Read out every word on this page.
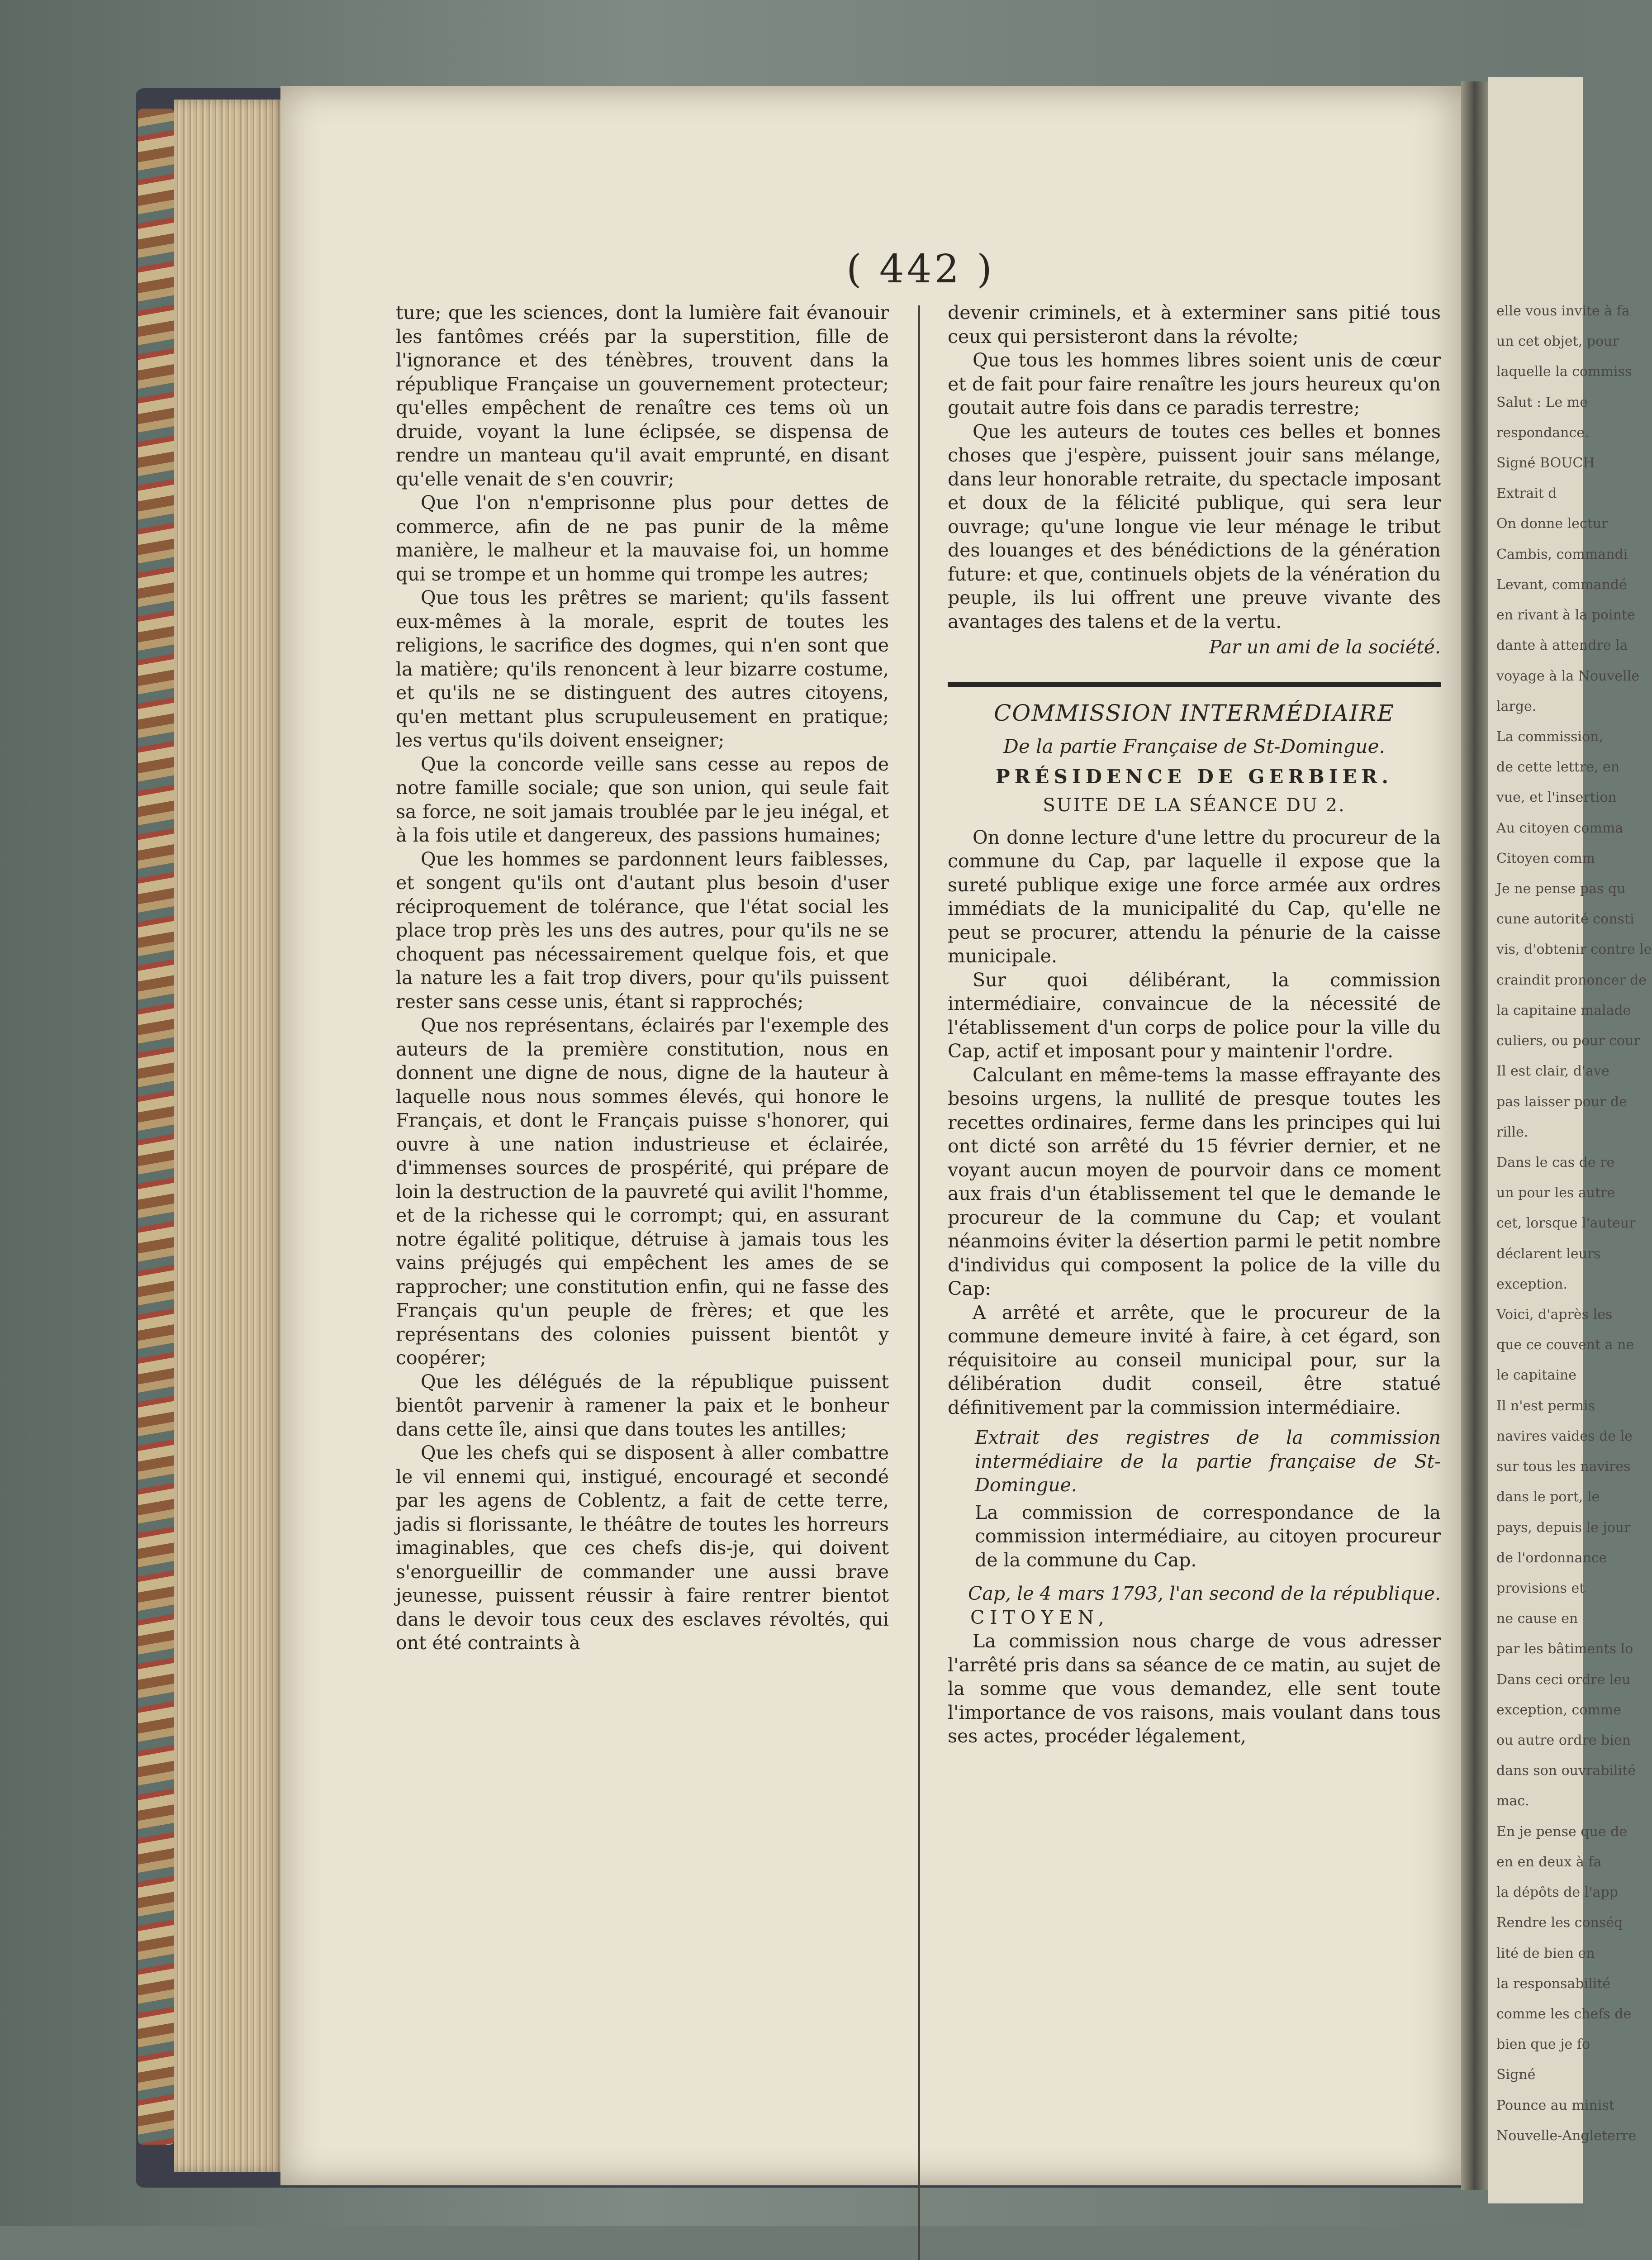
( 442 )

ture; que les sciences, dont la lumière fait évanouir les fantômes créés par la superstition, fille de l'ignorance et des ténèbres, trouvent dans la république Française un gouvernement protecteur; qu'elles empêchent de renaître ces tems où un druide, voyant la lune éclipsée, se dispensa de rendre un manteau qu'il avait emprunté, en disant qu'elle venait de s'en couvrir;

Que l'on n'emprisonne plus pour dettes de commerce, afin de ne pas punir de la même manière, le malheur et la mauvaise foi, un homme qui se trompe et un homme qui trompe les autres;

Que tous les prêtres se marient; qu'ils fassent eux-mêmes à la morale, esprit de toutes les religions, le sacrifice des dogmes, qui n'en sont que la matière; qu'ils renoncent à leur bizarre costume, et qu'ils ne se distinguent des autres citoyens, qu'en mettant plus scrupuleusement en pratique; les vertus qu'ils doivent enseigner;

Que la concorde veille sans cesse au repos de notre famille sociale; que son union, qui seule fait sa force, ne soit jamais troublée par le jeu inégal, et à la fois utile et dangereux, des passions humaines;

Que les hommes se pardonnent leurs faiblesses, et songent qu'ils ont d'autant plus besoin d'user réciproquement de tolérance, que l'état social les place trop près les uns des autres, pour qu'ils ne se choquent pas nécessairement quelque fois, et que la nature les a fait trop divers, pour qu'ils puissent rester sans cesse unis, étant si rapprochés;

Que nos représentans, éclairés par l'exemple des auteurs de la première constitution, nous en donnent une digne de nous, digne de la hauteur à laquelle nous nous sommes élevés, qui honore le Français, et dont le Français puisse s'honorer, qui ouvre à une nation industrieuse et éclairée, d'immenses sources de prospérité, qui prépare de loin la destruction de la pauvreté qui avilit l'homme, et de la richesse qui le corrompt; qui, en assurant notre égalité politique, détruise à jamais tous les vains préjugés qui empêchent les ames de se rapprocher; une constitution enfin, qui ne fasse des Français qu'un peuple de frères; et que les représentans des colonies puissent bientôt y coopérer;

Que les délégués de la république puissent bientôt parvenir à ramener la paix et le bonheur dans cette île, ainsi que dans toutes les antilles;

Que les chefs qui se disposent à aller combattre le vil ennemi qui, instigué, encouragé et secondé par les agens de Coblentz, a fait de cette terre, jadis si florissante, le théâtre de toutes les horreurs imaginables, que ces chefs dis-je, qui doivent s'enorgueillir de commander une aussi brave jeunesse, puissent réussir à faire rentrer bientot dans le devoir tous ceux des esclaves révoltés, qui ont été contraints à

devenir criminels, et à exterminer sans pitié tous ceux qui persisteront dans la révolte;

Que tous les hommes libres soient unis de cœur et de fait pour faire renaître les jours heureux qu'on goutait autre fois dans ce paradis terrestre;

Que les auteurs de toutes ces belles et bonnes choses que j'espère, puissent jouir sans mélange, dans leur honorable retraite, du spectacle imposant et doux de la félicité publique, qui sera leur ouvrage; qu'une longue vie leur ménage le tribut des louanges et des bénédictions de la génération future: et que, continuels objets de la vénération du peuple, ils lui offrent une preuve vivante des avantages des talens et de la vertu.

Par un ami de la société.

COMMISSION INTERMÉDIAIRE
De la partie Française de St-Domingue.
PRÉSIDENCE DE GERBIER.
SUITE DE LA SÉANCE DU 2.

On donne lecture d'une lettre du procureur de la commune du Cap, par laquelle il expose que la sureté publique exige une force armée aux ordres immédiats de la municipalité du Cap, qu'elle ne peut se procurer, attendu la pénurie de la caisse municipale.

Sur quoi délibérant, la commission intermédiaire, convaincue de la nécessité de l'établissement d'un corps de police pour la ville du Cap, actif et imposant pour y maintenir l'ordre.

Calculant en même-tems la masse effrayante des besoins urgens, la nullité de presque toutes les recettes ordinaires, ferme dans les principes qui lui ont dicté son arrêté du 15 février dernier, et ne voyant aucun moyen de pourvoir dans ce moment aux frais d'un établissement tel que le demande le procureur de la commune du Cap; et voulant néanmoins éviter la désertion parmi le petit nombre d'individus qui composent la police de la ville du Cap:

A arrêté et arrête, que le procureur de la commune demeure invité à faire, à cet égard, son réquisitoire au conseil municipal pour, sur la délibération dudit conseil, être statué définitivement par la commission intermédiaire.

Extrait des registres de la commission intermédiaire de la partie française de St-Domingue.

La commission de correspondance de la commission intermédiaire, au citoyen procureur de la commune du Cap.

Cap, le 4 mars 1793, l'an second de la république.

CITOYEN,

La commission nous charge de vous adresser l'arrêté pris dans sa séance de ce matin, au sujet de la somme que vous demandez, elle sent toute l'importance de vos raisons, mais voulant dans tous ses actes, procéder légalement,

elle vous invite à fa
un cet objet, pour
laquelle la commiss
Salut : Le me
respondance.
Signé BOUCH
Extrait d
On donne lectur
Cambis, commandi
Levant, commandé
en rivant à la pointe
dante à attendre la
voyage à la Nouvelle
large.
La commission,
de cette lettre, en
vue, et l'insertion
Au citoyen comma
Citoyen comm
Je ne pense pas qu
cune autorité consti
vis, d'obtenir contre le
craindit prononcer de
la capitaine malade
culiers, ou pour cour
Il est clair, d'ave
pas laisser pour de
rille.
Dans le cas de re
un pour les autre
cet, lorsque l'auteur
déclarent leurs
exception.
Voici, d'après les
que ce couvent a ne
le capitaine
Il n'est permis
navires vaides de le
sur tous les navires
dans le port, le
pays, depuis le jour
de l'ordonnance
provisions et
ne cause en
par les bâtiments lo
Dans ceci ordre leu
exception, comme
ou autre ordre bien
dans son ouvrabilité
mac.
En je pense que de
en en deux à fa
la dépôts de l'app
Rendre les conséq
lité de bien en
la responsabilité
comme les chefs de
bien que je fo
Signé
Pounce au minist
Nouvelle-Angleterre
